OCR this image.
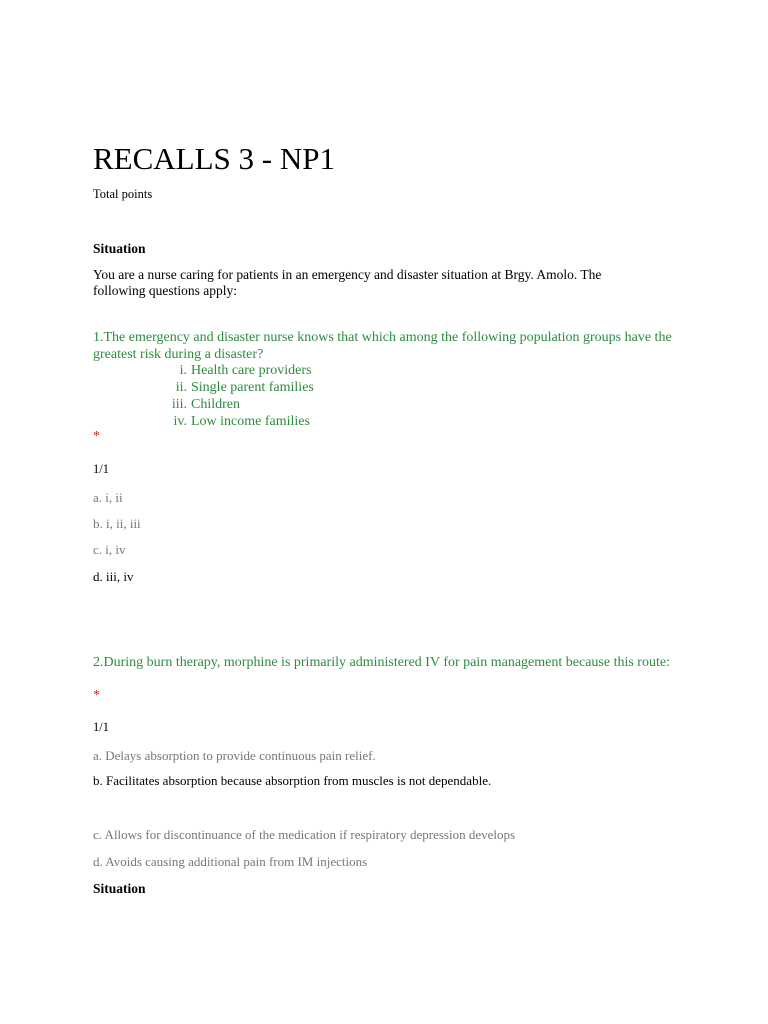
RECALLS 3 - NP1
Total points
Situation
You are a nurse caring for patients in an emergency and disaster situation at Brgy. Amolo. The following questions apply:
1.The emergency and disaster nurse knows that which among the following population groups have the greatest risk during a disaster?
i. Health care providers
ii. Single parent families
iii. Children
iv. Low income families
*
1/1
a. i, ii
b. i, ii, iii
c. i, iv
d. iii, iv
2.During burn therapy, morphine is primarily administered IV for pain management because this route:
*
1/1
a. Delays absorption to provide continuous pain relief.
b. Facilitates absorption because absorption from muscles is not dependable.
c. Allows for discontinuance of the medication if respiratory depression develops
d. Avoids causing additional pain from IM injections
Situation
